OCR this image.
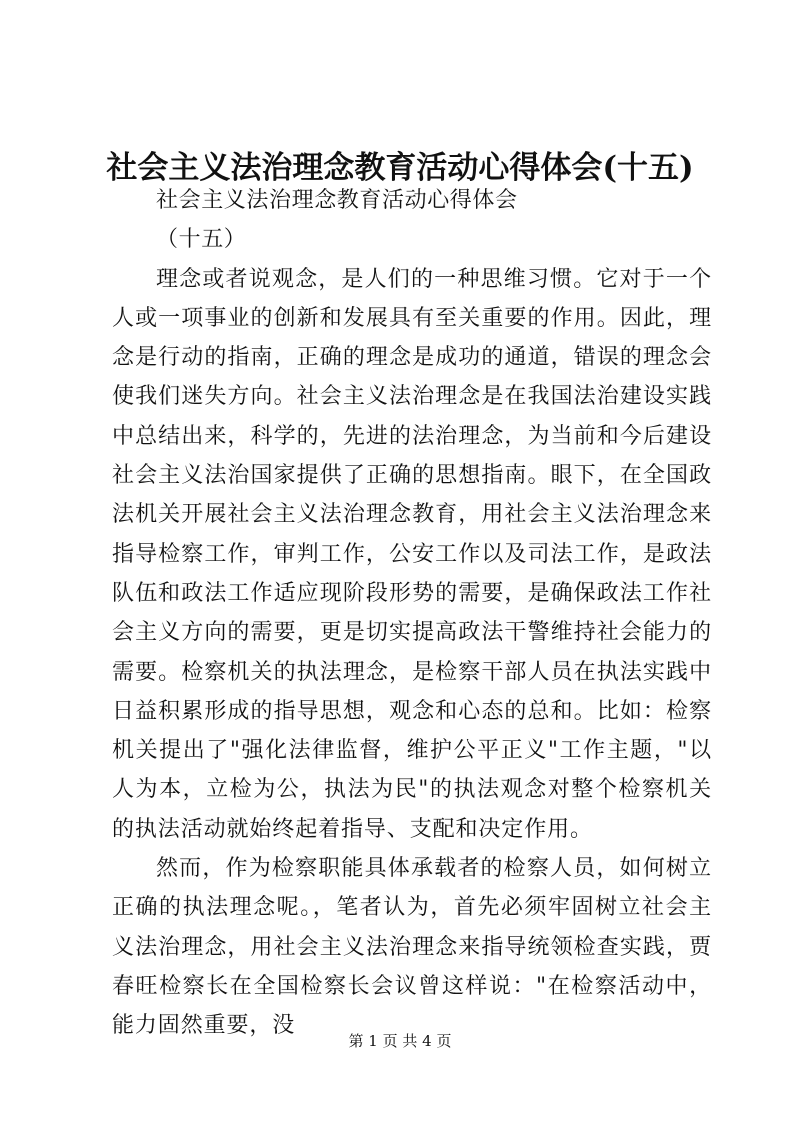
社会主义法治理念教育活动心得体会(十五)

社会主义法治理念教育活动心得体会

（十五）

理念或者说观念，是人们的一种思维习惯。它对于一个人或一项事业的创新和发展具有至关重要的作用。因此，理念是行动的指南，正确的理念是成功的通道，错误的理念会使我们迷失方向。社会主义法治理念是在我国法治建设实践中总结出来，科学的，先进的法治理念，为当前和今后建设社会主义法治国家提供了正确的思想指南。眼下，在全国政法机关开展社会主义法治理念教育，用社会主义法治理念来指导检察工作，审判工作，公安工作以及司法工作，是政法队伍和政法工作适应现阶段形势的需要，是确保政法工作社会主义方向的需要，更是切实提高政法干警维持社会能力的需要。检察机关的执法理念，是检察干部人员在执法实践中日益积累形成的指导思想，观念和心态的总和。比如：检察机关提出了"强化法律监督，维护公平正义"工作主题，"以人为本，立检为公，执法为民"的执法观念对整个检察机关的执法活动就始终起着指导、支配和决定作用。

然而，作为检察职能具体承载者的检察人员，如何树立正确的执法理念呢。，笔者认为，首先必须牢固树立社会主义法治理念，用社会主义法治理念来指导统领检查实践，贾春旺检察长在全国检察长会议曾这样说："在检察活动中，能力固然重要，没

第 1 页 共 4 页
